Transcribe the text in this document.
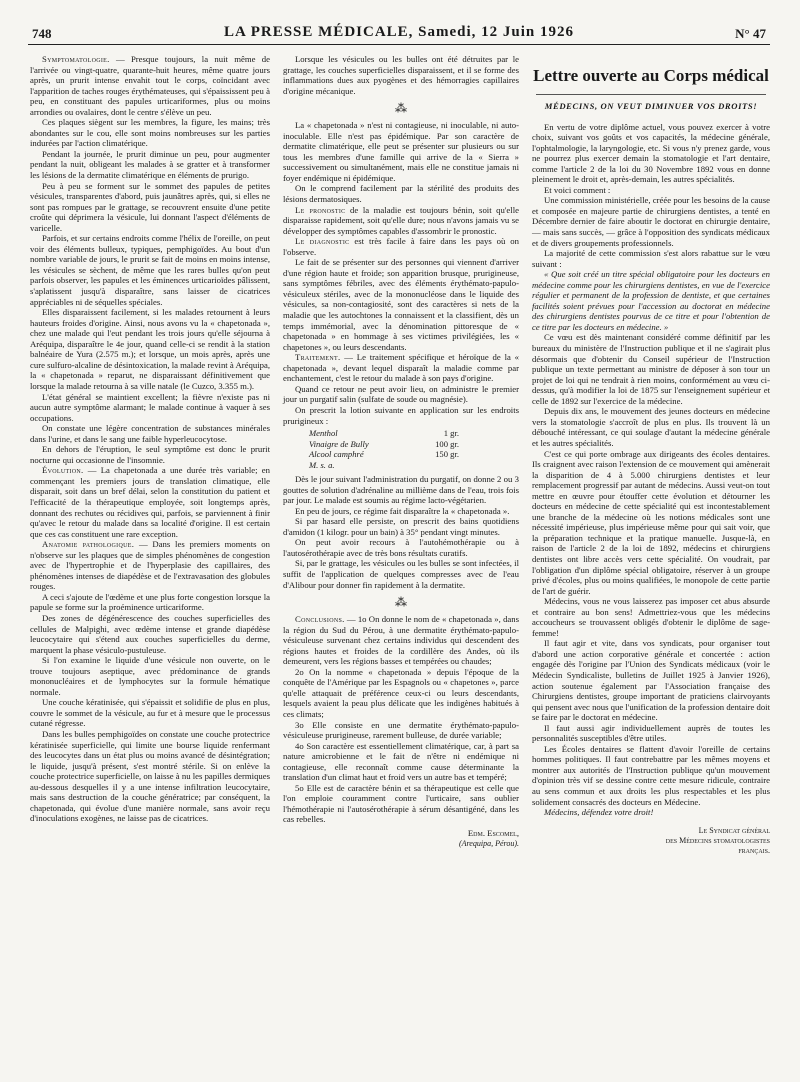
748	LA PRESSE MÉDICALE, Samedi, 12 Juin 1926	N° 47

Symptomatologie. — Presque toujours, la nuit même de l'arrivée ou vingt-quatre, quarante-huit heures, même quatre jours après, un prurit intense envahit tout le corps, coïncidant avec l'apparition de taches rouges érythémateuses, qui s'épaississent peu à peu, en constituant des papules urticariformes, plus ou moins arrondies ou ovalaires, dont le centre s'élève un peu.

Ces plaques siègent sur les membres, la figure, les mains; très abondantes sur le cou, elle sont moins nombreuses sur les parties indurées par l'action climatérique.

Pendant la journée, le prurit diminue un peu, pour augmenter pendant la nuit, obligeant les malades à se gratter et à transformer les lésions de la dermatite climatérique en éléments de prurigo.

Peu à peu se forment sur le sommet des papules de petites vésicules, transparentes d'abord, puis jaunâtres après, qui, si elles ne sont pas rompues par le grattage, se recouvrent ensuite d'une petite croûte qui déprimera la vésicule, lui donnant l'aspect d'éléments de varicelle.

Parfois, et sur certains endroits comme l'hélix de l'oreille, on peut voir des éléments bulleux, typiques, pemphigoïdes. Au bout d'un nombre variable de jours, le prurit se fait de moins en moins intense, les vésicules se sèchent, de même que les rares bulles qu'on peut parfois observer, les papules et les éminences urticarioïdes pâlissent, s'aplatissent jusqu'à disparaître, sans laisser de cicatrices appréciables ni de séquelles spéciales.

Elles disparaissent facilement, si les malades retournent à leurs hauteurs froides d'origine. Ainsi, nous avons vu la « chapetonada », chez une malade qui l'eut pendant les trois jours qu'elle séjourna à Aréquipa, disparaître le 4e jour, quand celle-ci se rendit à la station balnéaire de Yura (2.575 m.); et lorsque, un mois après, après une cure sulfuro-alcaline de désintoxication, la malade revint à Aréquipa, la « chapetonada » reparut, ne disparaissant définitivement que lorsque la malade retourna à sa ville natale (le Cuzco, 3.355 m.).

L'état général se maintient excellent; la fièvre n'existe pas ni aucun autre symptôme alarmant; le malade continue à vaquer à ses occupations.

On constate une légère concentration de substances minérales dans l'urine, et dans le sang une faible hyperleucocytose.

En dehors de l'éruption, le seul symptôme est donc le prurit nocturne qui occasionne de l'insomnie.

Évolution. — La chapetonada a une durée très variable; en commençant les premiers jours de translation climatique, elle disparait, soit dans un bref délai, selon la constitution du patient et l'efficacité de la thérapeutique employée, soit longtemps après, donnant des rechutes ou récidives qui, parfois, se parviennent à finir qu'avec le retour du malade dans sa localité d'origine. Il est certain que ces cas constituent une rare exception.

Anatomie pathologique. — Dans les premiers moments on n'observe sur les plaques que de simples phénomènes de congestion avec de l'hypertrophie et de l'hyperplasie des capillaires, des phénomènes intenses de diapédèse et de l'extravasation des globules rouges.

A ceci s'ajoute de l'œdème et une plus forte congestion lorsque la papule se forme sur la proéminence urticariforme.

Des zones de dégénérescence des couches superficielles des cellules de Malpighi, avec œdème intense et grande diapédèse leucocytaire qui s'étend aux couches superficielles du derme, marquent la phase vésiculo-pustuleuse.

Si l'on examine le liquide d'une vésicule non ouverte, on le trouve toujours aseptique, avec prédominance de grands mononucléaires et de lymphocytes sur la formule hématique normale.

Une couche kératinisée, qui s'épaissit et solidifie de plus en plus, couvre le sommet de la vésicule, au fur et à mesure que le processus cutané régresse.

Dans les bulles pemphigoïdes on constate une couche protectrice kératinisée superficielle, qui limite une bourse liquide renfermant des leucocytes dans un état plus ou moins avancé de désintégration; le liquide, jusqu'à présent, s'est montré stérile. Si on enlève la couche protectrice superficielle, on laisse à nu les papilles dermiques au-dessous desquelles il y a une intense infiltration leucocytaire, mais sans destruction de la couche génératrice; par conséquent, la chapetonada, qui évolue d'une manière normale, sans avoir reçu d'inoculations exogènes, ne laisse pas de cicatrices.

Lorsque les vésicules ou les bulles ont été détruites par le grattage, les couches superficielles disparaissent, et il se forme des inflammations dues aux pyogènes et des hémorragies capillaires d'origine mécanique.

⁂

La « chapetonada » n'est ni contagieuse, ni inoculable, ni auto-inoculable. Elle n'est pas épidémique. Par son caractère de dermatite climatérique, elle peut se présenter sur plusieurs ou sur tous les membres d'une famille qui arrive de la « Sierra » successivement ou simultanément, mais elle ne constitue jamais ni foyer endémique ni épidémique.

On le comprend facilement par la stérilité des produits des lésions dermatosiques.

Le pronostic de la maladie est toujours bénin, soit qu'elle disparaisse rapidement, soit qu'elle dure; nous n'avons jamais vu se développer des symptômes capables d'assombrir le pronostic.

Le diagnostic est très facile à faire dans les pays où on l'observe.

Le fait de se présenter sur des personnes qui viennent d'arriver d'une région haute et froide; son apparition brusque, prurigineuse, sans symptômes fébriles, avec des éléments érythémato-papulo-vésiculeux stériles, avec de la mononucléose dans le liquide des vésicules, sa non-contagiosité, sont des caractères si nets de la maladie que les autochtones la connaissent et la classifient, dès un temps immémorial, avec la dénomination pittoresque de « chapetonada » en hommage à ses victimes privilégiées, les « chapetones », ou leurs descendants.

Traitement. — Le traitement spécifique et héroïque de la « chapetonada », devant lequel disparaît la maladie comme par enchantement, c'est le retour du malade à son pays d'origine.

Quand ce retour ne peut avoir lieu, on administre le premier jour un purgatif salin (sulfate de soude ou magnésie).

On prescrit la lotion suivante en application sur les endroits prurigineux :

Menthol	1 gr.
Vinaigre de Bully	100 gr.
Alcool camphré	150 gr.
M. s. a.

Dès le jour suivant l'administration du purgatif, on donne 2 ou 3 gouttes de solution d'adrénaline au millième dans de l'eau, trois fois par jour. Le malade est soumis au régime lacto-végétarien.

En peu de jours, ce régime fait disparaître la « chapetonada ».

Si par hasard elle persiste, on prescrit des bains quotidiens d'amidon (1 kilogr. pour un bain) à 35° pendant vingt minutes.

On peut avoir recours à l'autohémothérapie ou à l'autosérothérapie avec de très bons résultats curatifs.

Si, par le grattage, les vésicules ou les bulles se sont infectées, il suffit de l'application de quelques compresses avec de l'eau d'Alibour pour donner fin rapidement à la dermatite.

⁂

Conclusions. — 1o On donne le nom de « chapetonada », dans la région du Sud du Pérou, à une dermatite érythémato-papulo-vésiculeuse survenant chez certains individus qui descendent des régions hautes et froides de la cordillère des Andes, où ils demeurent, vers les régions basses et tempérées ou chaudes;

2o On la nomme « chapetonada » depuis l'époque de la conquête de l'Amérique par les Espagnols ou « chapetones », parce qu'elle attaquait de préférence ceux-ci ou leurs descendants, lesquels avaient la peau plus délicate que les indigènes habitués à ces climats;

3o Elle consiste en une dermatite érythémato-papulo-vésiculeuse prurigineuse, rarement bulleuse, de durée variable;

4o Son caractère est essentiellement climatérique, car, à part sa nature amicrobienne et le fait de n'être ni endémique ni contagieuse, elle reconnaît comme cause déterminante la translation d'un climat haut et froid vers un autre bas et tempéré;

5o Elle est de caractère bénin et sa thérapeutique est celle que l'on emploie couramment contre l'urticaire, sans oublier l'hémothérapie ni l'autosérothérapie à sérum désantigéné, dans les cas rebelles.

Edm. Escomel,
(Arequipa, Pérou).
Lettre ouverte au Corps médical
MÉDECINS, ON VEUT DIMINUER VOS DROITS!

En vertu de votre diplôme actuel, vous pouvez exercer à votre choix, suivant vos goûts et vos capacités, la médecine générale, l'ophtalmologie, la laryngologie, etc. Si vous n'y prenez garde, vous ne pourrez plus exercer demain la stomatologie et l'art dentaire, comme l'article 2 de la loi du 30 Novembre 1892 vous en donne pleinement le droit et, après-demain, les autres spécialités.

Et voici comment :

Une commission ministérielle, créée pour les besoins de la cause et composée en majeure partie de chirurgiens dentistes, a tenté en Décembre dernier de faire aboutir le doctorat en chirurgie dentaire, — mais sans succès, — grâce à l'opposition des syndicats médicaux et de divers groupements professionnels.

La majorité de cette commission s'est alors rabattue sur le vœu suivant :

« Que soit créé un titre spécial obligatoire pour les docteurs en médecine comme pour les chirurgiens dentistes, en vue de l'exercice régulier et permanent de la profession de dentiste, et que certaines facilités soient prévues pour l'accession au doctorat en médecine des chirurgiens dentistes pourvus de ce titre et pour l'obtention de ce titre par les docteurs en médecine. »

Ce vœu est dès maintenant considéré comme définitif par les bureaux du ministère de l'Instruction publique et il ne s'agirait plus désormais que d'obtenir du Conseil supérieur de l'Instruction publique un texte permettant au ministre de déposer à son tour un projet de loi qui ne tendrait à rien moins, conformément au vœu ci-dessus, qu'à modifier la loi de 1875 sur l'enseignement supérieur et celle de 1892 sur l'exercice de la médecine.

Depuis dix ans, le mouvement des jeunes docteurs en médecine vers la stomatologie s'accroît de plus en plus. Ils trouvent là un débouché intéressant, ce qui soulage d'autant la médecine générale et les autres spécialités.

C'est ce qui porte ombrage aux dirigeants des écoles dentaires. Ils craignent avec raison l'extension de ce mouvement qui amènerait la disparition de 4 à 5.000 chirurgiens dentistes et leur remplacement progressif par autant de médecins. Aussi veut-on tout mettre en œuvre pour étouffer cette évolution et détourner les docteurs en médecine de cette spécialité qui est incontestablement une branche de la médecine où les notions médicales sont une nécessité impérieuse, plus impérieuse même pour qui sait voir, que la préparation technique et la pratique manuelle. Jusque-là, en raison de l'article 2 de la loi de 1892, médecins et chirurgiens dentistes ont libre accès vers cette spécialité. On voudrait, par l'obligation d'un diplôme spécial obligatoire, réserver à un groupe privé d'écoles, plus ou moins qualifiées, le monopole de cette partie de l'art de guérir.

Médecins, vous ne vous laisserez pas imposer cet abus absurde et contraire au bon sens! Admettriez-vous que les médecins accoucheurs se trouvassent obligés d'obtenir le diplôme de sage-femme!

Il faut agir et vite, dans vos syndicats, pour organiser tout d'abord une action corporative générale et concertée : action engagée dès l'origine par l'Union des Syndicats médicaux (voir le Médecin Syndicaliste, bulletins de Juillet 1925 à Janvier 1926), action soutenue également par l'Association française des Chirurgiens dentistes, groupe important de praticiens clairvoyants qui pensent avec nous que l'unification de la profession dentaire doit se faire par le doctorat en médecine.

Il faut aussi agir individuellement auprès de toutes les personnalités susceptibles d'être utiles.

Les Écoles dentaires se flattent d'avoir l'oreille de certains hommes politiques. Il faut contrebattre par les mêmes moyens et montrer aux autorités de l'Instruction publique qu'un mouvement d'opinion très vif se dessine contre cette mesure ridicule, contraire au sens commun et aux droits les plus respectables et les plus solidement consacrés des docteurs en Médecine.

Médecins, défendez votre droit!

Le Syndicat général
des Médecins stomatologistes
français.
